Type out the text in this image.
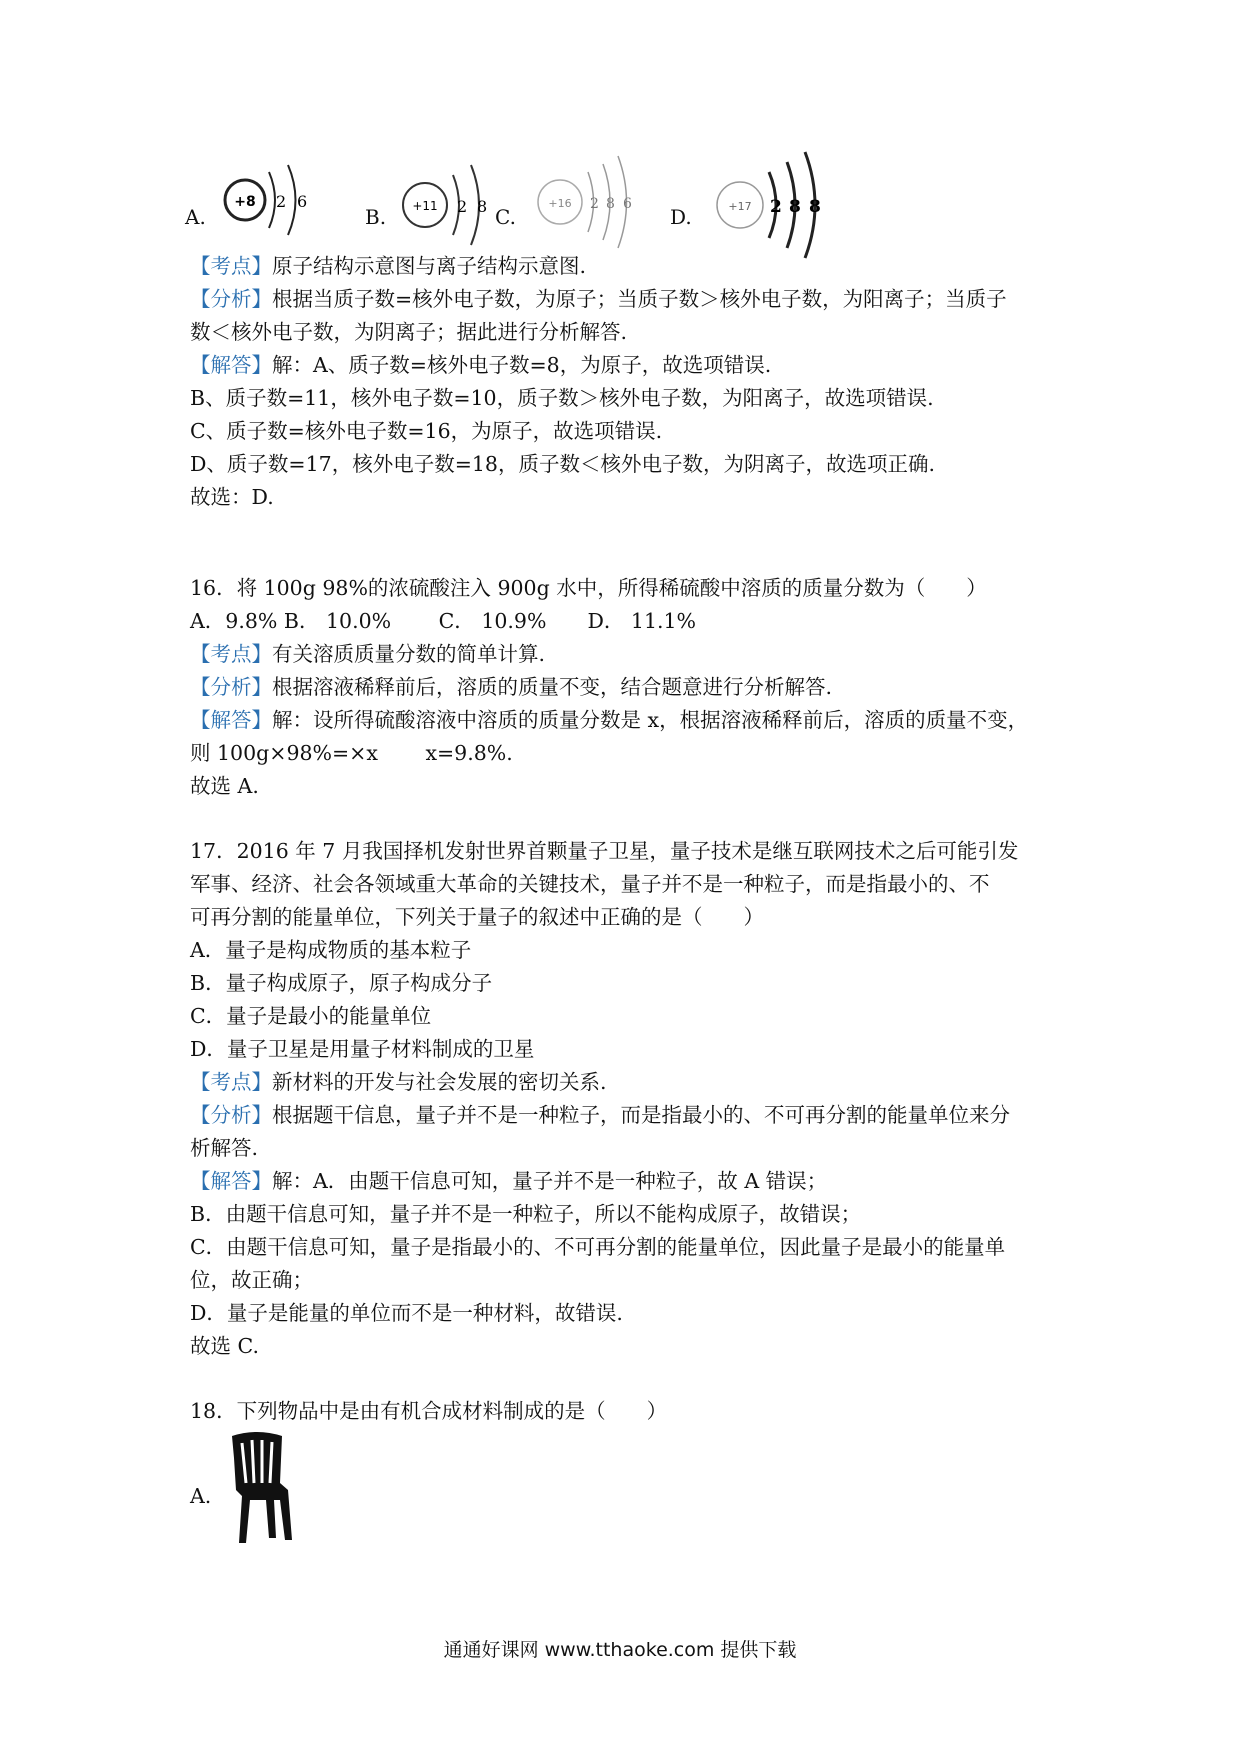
A.	B.	C.	D.
+8 2 6	+11 2 8	+16 2 8 6	+17 2 8 8
【考点】原子结构示意图与离子结构示意图.
【分析】根据当质子数=核外电子数，为原子；当质子数＞核外电子数，为阳离子；当质子
数＜核外电子数，为阴离子；据此进行分析解答.
【解答】解：A、质子数=核外电子数=8，为原子，故选项错误.
B、质子数=11，核外电子数=10，质子数＞核外电子数，为阳离子，故选项错误.
C、质子数=核外电子数=16，为原子，故选项错误.
D、质子数=17，核外电子数=18，质子数＜核外电子数，为阴离子，故选项正确.
故选：D.
16．将 100g 98%的浓硫酸注入 900g 水中，所得稀硫酸中溶质的质量分数为（　　）
A．9.8% B． 10.0%　　 C． 10.9%　　D． 11.1%
【考点】有关溶质质量分数的简单计算.
【分析】根据溶液稀释前后，溶质的质量不变，结合题意进行分析解答.
【解答】解：设所得硫酸溶液中溶质的质量分数是 x，根据溶液稀释前后，溶质的质量不变，
则 100g×98%=×x　　 x=9.8%.
故选 A.
17．2016 年 7 月我国择机发射世界首颗量子卫星，量子技术是继互联网技术之后可能引发
军事、经济、社会各领域重大革命的关键技术，量子并不是一种粒子，而是指最小的、不
可再分割的能量单位，下列关于量子的叙述中正确的是（　　）
A．量子是构成物质的基本粒子
B．量子构成原子，原子构成分子
C．量子是最小的能量单位
D．量子卫星是用量子材料制成的卫星
【考点】新材料的开发与社会发展的密切关系.
【分析】根据题干信息，量子并不是一种粒子，而是指最小的、不可再分割的能量单位来分
析解答.
【解答】解：A．由题干信息可知，量子并不是一种粒子，故 A 错误；
B．由题干信息可知，量子并不是一种粒子，所以不能构成原子，故错误；
C．由题干信息可知，量子是指最小的、不可再分割的能量单位，因此量子是最小的能量单
位，故正确；
D．量子是能量的单位而不是一种材料，故错误.
故选 C.
18．下列物品中是由有机合成材料制成的是（　　）
A.
通通好课网 www.tthaoke.com 提供下载
